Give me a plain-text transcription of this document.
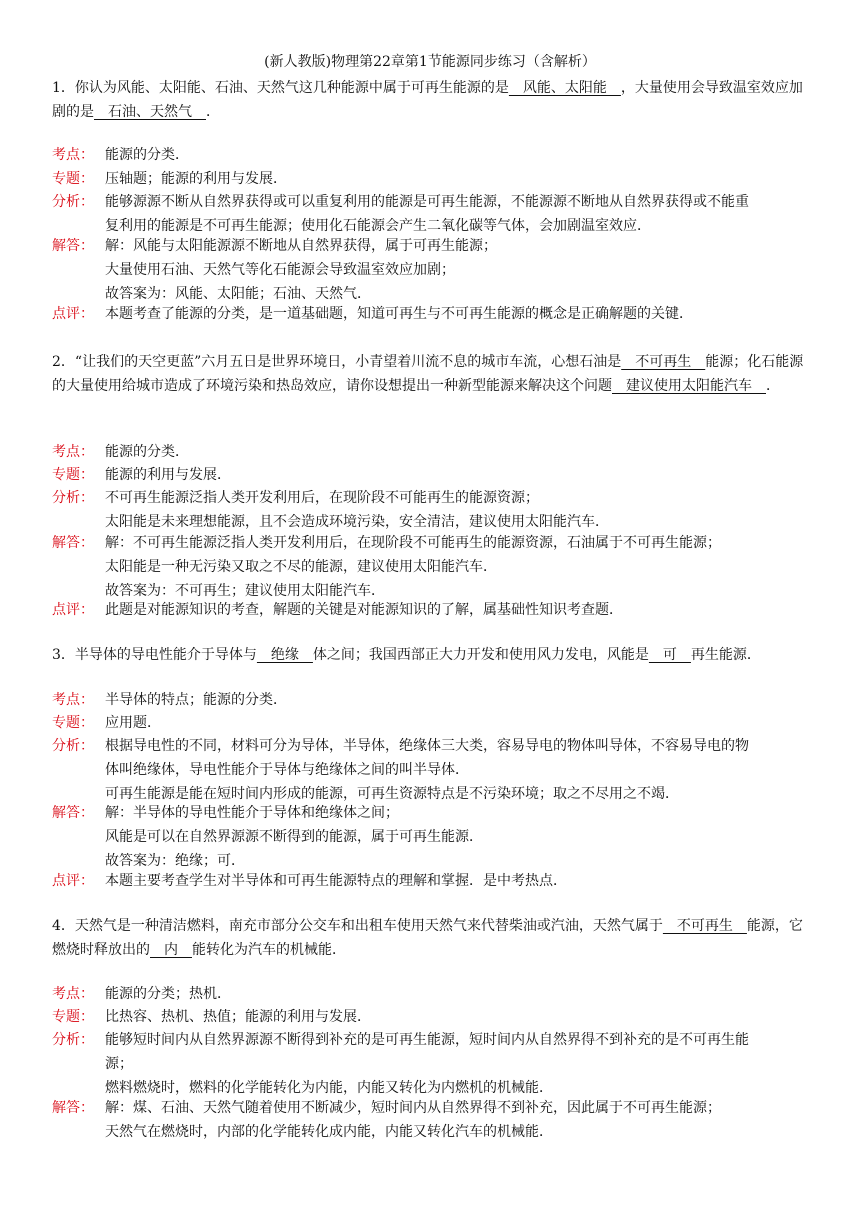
(新人教版)物理第22章第1节能源同步练习（含解析）
1．你认为风能、太阳能、石油、天然气这几种能源中属于可再生能源的是　风能、太阳能　，大量使用会导致温室效应加剧的是　石油、天然气　．
考点： 能源的分类．
专题： 压轴题；能源的利用与发展．
分析： 能够源源不断从自然界获得或可以重复利用的能源是可再生能源，不能源源不断地从自然界获得或不能重
复利用的能源是不可再生能源；使用化石能源会产生二氧化碳等气体，会加剧温室效应．
解答： 解：风能与太阳能源源不断地从自然界获得，属于可再生能源；
大量使用石油、天然气等化石能源会导致温室效应加剧；
故答案为：风能、太阳能；石油、天然气．
点评： 本题考查了能源的分类，是一道基础题，知道可再生与不可再生能源的概念是正确解题的关键．
2．“让我们的天空更蓝”六月五日是世界环境日，小青望着川流不息的城市车流，心想石油是　不可再生　能源；化石能源的大量使用给城市造成了环境污染和热岛效应，请你设想提出一种新型能源来解决这个问题　建议使用太阳能汽车　．
考点： 能源的分类．
专题： 能源的利用与发展．
分析： 不可再生能源泛指人类开发利用后，在现阶段不可能再生的能源资源；
太阳能是未来理想能源，且不会造成环境污染，安全清洁，建议使用太阳能汽车．
解答： 解：不可再生能源泛指人类开发利用后，在现阶段不可能再生的能源资源，石油属于不可再生能源；
太阳能是一种无污染又取之不尽的能源，建议使用太阳能汽车．
故答案为：不可再生；建议使用太阳能汽车．
点评： 此题是对能源知识的考查，解题的关键是对能源知识的了解，属基础性知识考查题．
3．半导体的导电性能介于导体与　绝缘　体之间；我国西部正大力开发和使用风力发电，风能是　可　再生能源．
考点： 半导体的特点；能源的分类．
专题： 应用题．
分析： 根据导电性的不同，材料可分为导体，半导体，绝缘体三大类，容易导电的物体叫导体，不容易导电的物
体叫绝缘体，导电性能介于导体与绝缘体之间的叫半导体．
可再生能源是能在短时间内形成的能源，可再生资源特点是不污染环境；取之不尽用之不竭．
解答： 解：半导体的导电性能介于导体和绝缘体之间；
风能是可以在自然界源源不断得到的能源，属于可再生能源．
故答案为：绝缘；可．
点评： 本题主要考查学生对半导体和可再生能源特点的理解和掌握．是中考热点．
4．天然气是一种清洁燃料，南充市部分公交车和出租车使用天然气来代替柴油或汽油，天然气属于　不可再生　能源，它燃烧时释放出的　内　能转化为汽车的机械能．
考点： 能源的分类；热机．
专题： 比热容、热机、热值；能源的利用与发展．
分析： 能够短时间内从自然界源源不断得到补充的是可再生能源，短时间内从自然界得不到补充的是不可再生能
源；
燃料燃烧时，燃料的化学能转化为内能，内能又转化为内燃机的机械能．
解答： 解：煤、石油、天然气随着使用不断减少，短时间内从自然界得不到补充，因此属于不可再生能源；
天然气在燃烧时，内部的化学能转化成内能，内能又转化汽车的机械能．
